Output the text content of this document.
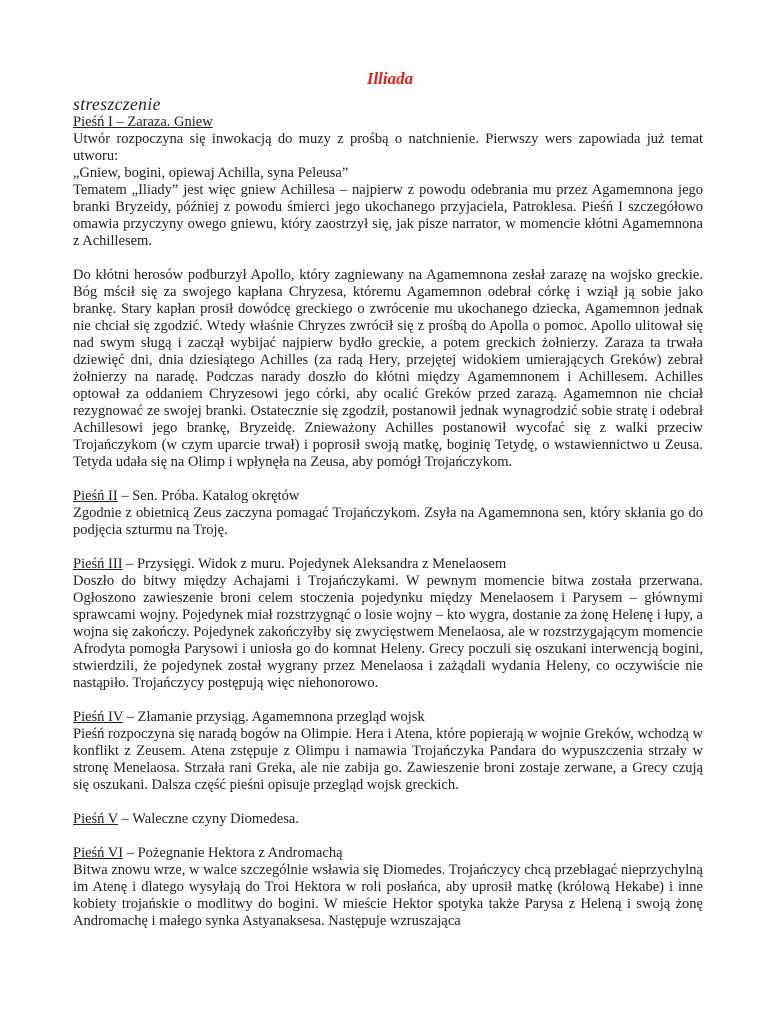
Illiada
streszczenie

Pieśń I – Zaraza. Gniew

Utwór rozpoczyna się inwokacją do muzy z prośbą o natchnienie. Pierwszy wers zapowiada już temat utworu:

„Gniew, bogini, opiewaj Achilla, syna Peleusa”

Tematem „Iliady” jest więc gniew Achillesa – najpierw z powodu odebrania mu przez Agamemnona jego branki Bryzeidy, później z powodu śmierci jego ukochanego przyjaciela, Patroklesa. Pieśń I szczegółowo omawia przyczyny owego gniewu, który zaostrzył się, jak pisze narrator, w momencie kłótni Agamemnona z Achillesem.

Do kłótni herosów podburzył Apollo, który zagniewany na Agamemnona zesłał zarazę na wojsko greckie. Bóg mścił się za swojego kapłana Chryzesa, któremu Agamemnon odebrał córkę i wziął ją sobie jako brankę. Stary kapłan prosił dowódcę greckiego o zwrócenie mu ukochanego dziecka, Agamemnon jednak nie chciał się zgodzić. Wtedy właśnie Chryzes zwrócił się z prośbą do Apolla o pomoc. Apollo ulitował się nad swym sługą i zaczął wybijać najpierw bydło greckie, a potem greckich żołnierzy. Zaraza ta trwała dziewięć dni, dnia dziesiątego Achilles (za radą Hery, przejętej widokiem umierających Greków) zebrał żołnierzy na naradę. Podczas narady doszło do kłótni między Agamemnonem i Achillesem. Achilles optował za oddaniem Chryzesowi jego córki, aby ocalić Greków przed zarazą. Agamemnon nie chciał rezygnować ze swojej branki. Ostatecznie się zgodził, postanowił jednak wynagrodzić sobie stratę i odebrał Achillesowi jego brankę, Bryzeidę. Znieważony Achilles postanowił wycofać się z walki przeciw Trojańczykom (w czym uparcie trwał) i poprosił swoją matkę, boginię Tetydę, o wstawiennictwo u Zeusa. Tetyda udała się na Olimp i wpłynęła na Zeusa, aby pomógł Trojańczykom.

Pieśń II – Sen. Próba. Katalog okrętów

Zgodnie z obietnicą Zeus zaczyna pomagać Trojańczykom. Zsyła na Agamemnona sen, który skłania go do podjęcia szturmu na Troję.

Pieśń III – Przysięgi. Widok z muru. Pojedynek Aleksandra z Menelaosem

Doszło do bitwy między Achajami i Trojańczykami. W pewnym momencie bitwa została przerwana. Ogłoszono zawieszenie broni celem stoczenia pojedynku między Menelaosem i Parysem – głównymi sprawcami wojny. Pojedynek miał rozstrzygnąć o losie wojny – kto wygra, dostanie za żonę Helenę i łupy, a wojna się zakończy. Pojedynek zakończyłby się zwycięstwem Menelaosa, ale w rozstrzygającym momencie Afrodyta pomogła Parysowi i uniosła go do komnat Heleny. Grecy poczuli się oszukani interwencją bogini, stwierdzili, że pojedynek został wygrany przez Menelaosa i zażądali wydania Heleny, co oczywiście nie nastąpiło. Trojańczycy postępują więc niehonorowo.

Pieśń IV – Złamanie przysiąg. Agamemnona przegląd wojsk

Pieśń rozpoczyna się naradą bogów na Olimpie. Hera i Atena, które popierają w wojnie Greków, wchodzą w konflikt z Zeusem. Atena zstępuje z Olimpu i namawia Trojańczyka Pandara do wypuszczenia strzały w stronę Menelaosa. Strzała rani Greka, ale nie zabija go. Zawieszenie broni zostaje zerwane, a Grecy czują się oszukani. Dalsza część pieśni opisuje przegląd wojsk greckich.

Pieśń V – Waleczne czyny Diomedesa.

Pieśń VI – Pożegnanie Hektora z Andromachą

Bitwa znowu wrze, w walce szczególnie wsławia się Diomedes. Trojańczycy chcą przebłagać nieprzychylną im Atenę i dlatego wysyłają do Troi Hektora w roli posłańca, aby uprosił matkę (królową Hekabe) i inne kobiety trojańskie o modlitwy do bogini. W mieście Hektor spotyka także Parysa z Heleną i swoją żonę Andromachę i małego synka Astyanaksesa. Następuje wzruszająca
